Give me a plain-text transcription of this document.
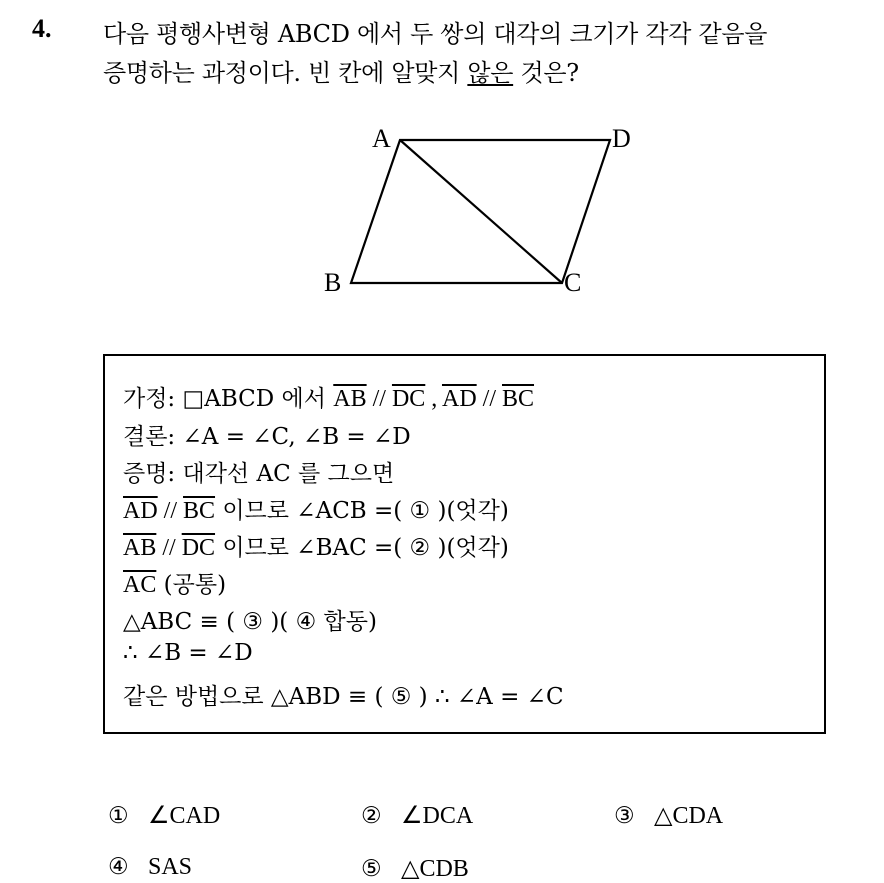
4. 다음 평행사변형 ABCD 에서 두 쌍의 대각의 크기가 각각 같음을
증명하는 과정이다. 빈 칸에 알맞지 않은 것은?
A	D
B	C
가정: □ABCD 에서 $\overline{AB} // \overline{DC}$ , $\overline{AD} // \overline{BC}$
결론: ∠A = ∠C, ∠B = ∠D
증명: 대각선 AC 를 그으면
$\overline{AD} // \overline{BC}$ 이므로 ∠ACB =( ① )(엇각)
$\overline{AB} // \overline{DC}$ 이므로 ∠BAC =( ② )(엇각)
$\overline{AC}$ (공통)
△ABC ≡ ( ③ )( ④ 합동)
∴ ∠B = ∠D
같은 방법으로 △ABD ≡ ( ⑤ ) ∴ ∠A = ∠C
① ∠CAD	② ∠DCA	③ △CDA
④ SAS	⑤ △CDB
